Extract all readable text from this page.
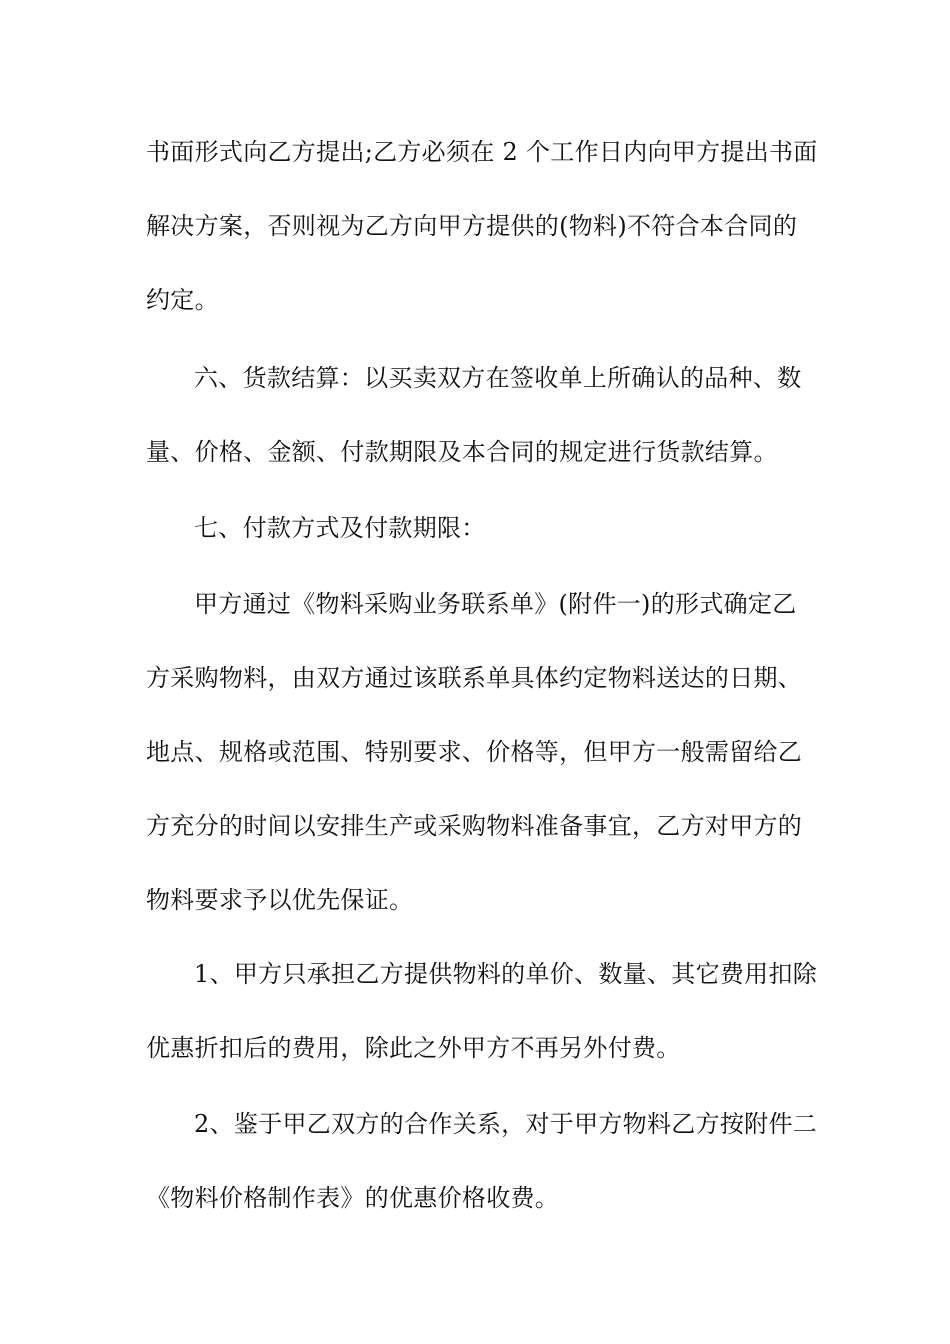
书面形式向乙方提出;乙方必须在 2 个工作日内向甲方提出书面
解决方案，否则视为乙方向甲方提供的(物料)不符合本合同的
约定。
六、货款结算：以买卖双方在签收单上所确认的品种、数
量、价格、金额、付款期限及本合同的规定进行货款结算。
七、付款方式及付款期限：
甲方通过《物料采购业务联系单》(附件一)的形式确定乙
方采购物料，由双方通过该联系单具体约定物料送达的日期、
地点、规格或范围、特别要求、价格等，但甲方一般需留给乙
方充分的时间以安排生产或采购物料准备事宜，乙方对甲方的
物料要求予以优先保证。
1、甲方只承担乙方提供物料的单价、数量、其它费用扣除
优惠折扣后的费用，除此之外甲方不再另外付费。
2、鉴于甲乙双方的合作关系，对于甲方物料乙方按附件二
《物料价格制作表》的优惠价格收费。
